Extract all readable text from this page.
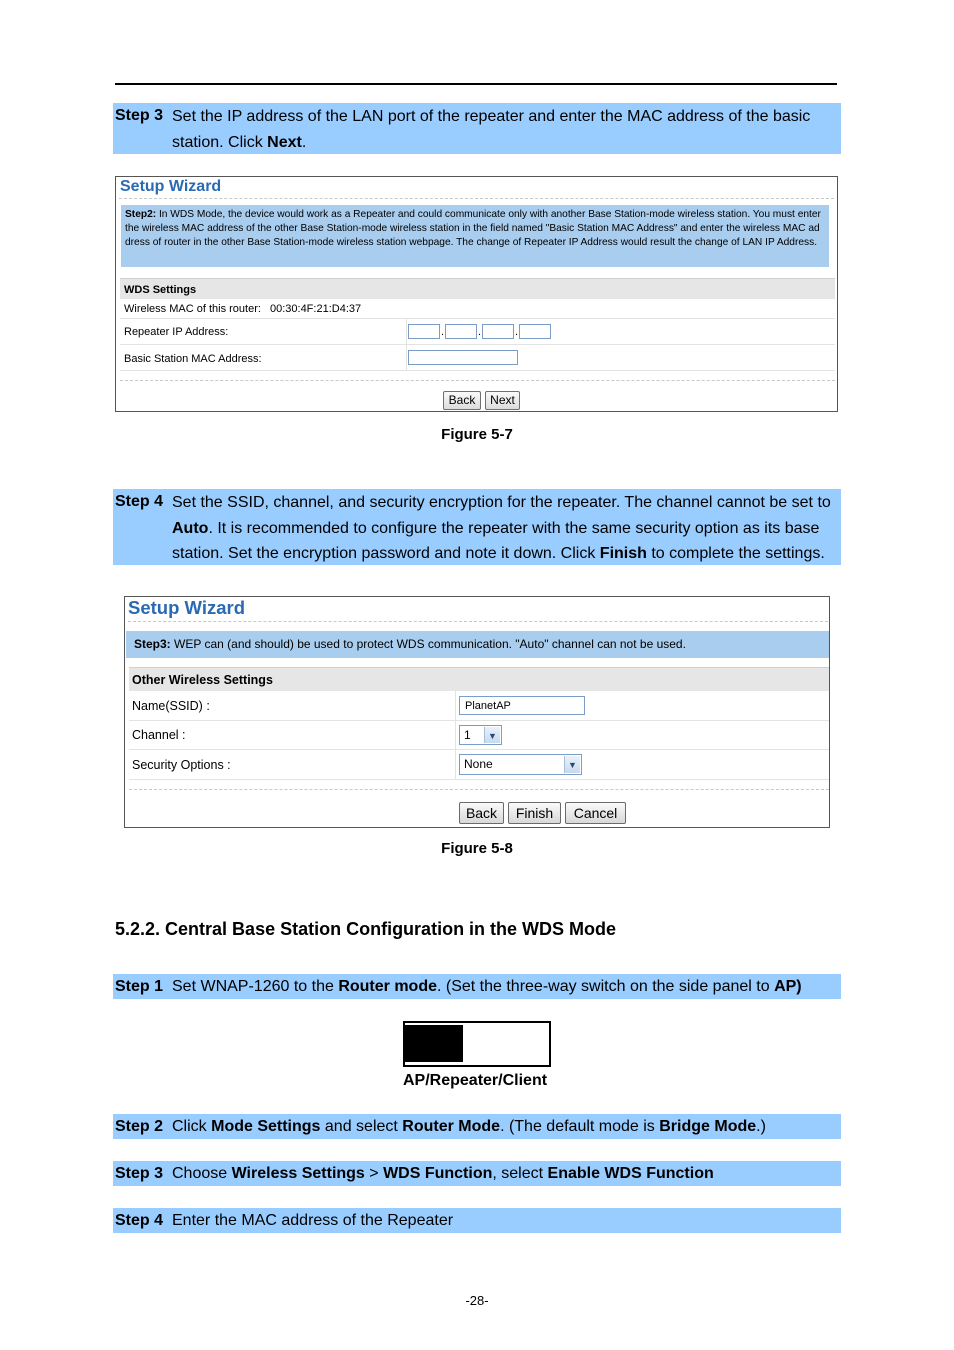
Step 3 Set the IP address of the LAN port of the repeater and enter the MAC address of the basic station. Click Next.
Setup Wizard
Step2: In WDS Mode, the device would work as a Repeater and could communicate only with another Base Station-mode wireless station. You must enter the wireless MAC address of the other Base Station-mode wireless station in the field named "Basic Station MAC Address" and enter the wireless MAC address of router in the other Base Station-mode wireless station webpage. The change of Repeater IP Address would result the change of LAN IP Address.
WDS Settings
Wireless MAC of this router: 00:30:4F:21:D4:37
Repeater IP Address:	.	.	.
Basic Station MAC Address:
Back	Next
Figure 5-7
Step 4 Set the SSID, channel, and security encryption for the repeater. The channel cannot be set to Auto. It is recommended to configure the repeater with the same security option as its base station. Set the encryption password and note it down. Click Finish to complete the settings.
Setup Wizard
Step3: WEP can (and should) be used to protect WDS communication. "Auto" channel can not be used.
Other Wireless Settings
Name(SSID) :	PlanetAP
Channel :	1	▼
Security Options :	None	▼
Back	Finish	Cancel
Figure 5-8
5.2.2. Central Base Station Configuration in the WDS Mode
Step 1 Set WNAP-1260 to the Router mode. (Set the three-way switch on the side panel to AP)
AP/Repeater/Client
Step 2 Click Mode Settings and select Router Mode. (The default mode is Bridge Mode.)
Step 3 Choose Wireless Settings > WDS Function, select Enable WDS Function
Step 4 Enter the MAC address of the Repeater
-28-
